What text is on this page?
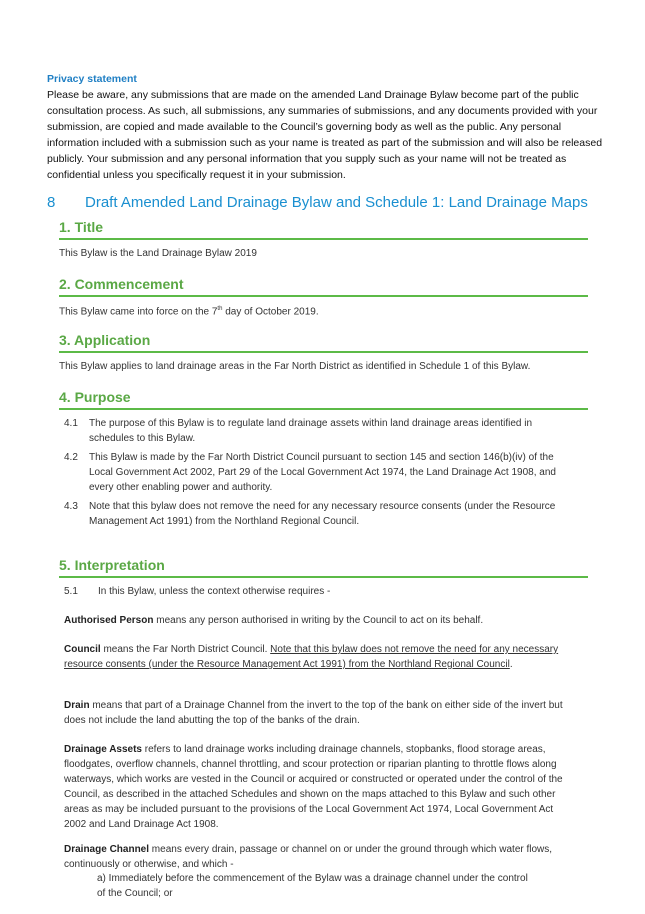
Privacy statement
Please be aware, any submissions that are made on the amended Land Drainage Bylaw become part of the public consultation process. As such, all submissions, any summaries of submissions, and any documents provided with your submission, are copied and made available to the Council’s governing body as well as the public. Any personal information included with a submission such as your name is treated as part of the submission and will also be released publicly. Your submission and any personal information that you supply such as your name will not be treated as confidential unless you specifically request it in your submission.
8 Draft Amended Land Drainage Bylaw and Schedule 1: Land Drainage Maps
1. Title
This Bylaw is the Land Drainage Bylaw 2019
2. Commencement
This Bylaw came into force on the 7th day of October 2019.
3. Application
This Bylaw applies to land drainage areas in the Far North District as identified in Schedule 1 of this Bylaw.
4. Purpose
4.1 The purpose of this Bylaw is to regulate land drainage assets within land drainage areas identified in schedules to this Bylaw.
4.2 This Bylaw is made by the Far North District Council pursuant to section 145 and section 146(b)(iv) of the Local Government Act 2002, Part 29 of the Local Government Act 1974, the Land Drainage Act 1908, and every other enabling power and authority.
4.3 Note that this bylaw does not remove the need for any necessary resource consents (under the Resource Management Act 1991) from the Northland Regional Council.
5. Interpretation
5.1 In this Bylaw, unless the context otherwise requires -
Authorised Person means any person authorised in writing by the Council to act on its behalf.
Council means the Far North District Council. Note that this bylaw does not remove the need for any necessary resource consents (under the Resource Management Act 1991) from the Northland Regional Council.
Drain means that part of a Drainage Channel from the invert to the top of the bank on either side of the invert but does not include the land abutting the top of the banks of the drain.
Drainage Assets refers to land drainage works including drainage channels, stopbanks, flood storage areas, floodgates, overflow channels, channel throttling, and scour protection or riparian planting to throttle flows along waterways, which works are vested in the Council or acquired or constructed or operated under the control of the Council, as described in the attached Schedules and shown on the maps attached to this Bylaw and such other areas as may be included pursuant to the provisions of the Local Government Act 1974, Local Government Act 2002 and Land Drainage Act 1908.
Drainage Channel means every drain, passage or channel on or under the ground through which water flows, continuously or otherwise, and which -
a) Immediately before the commencement of the Bylaw was a drainage channel under the control of the Council; or
